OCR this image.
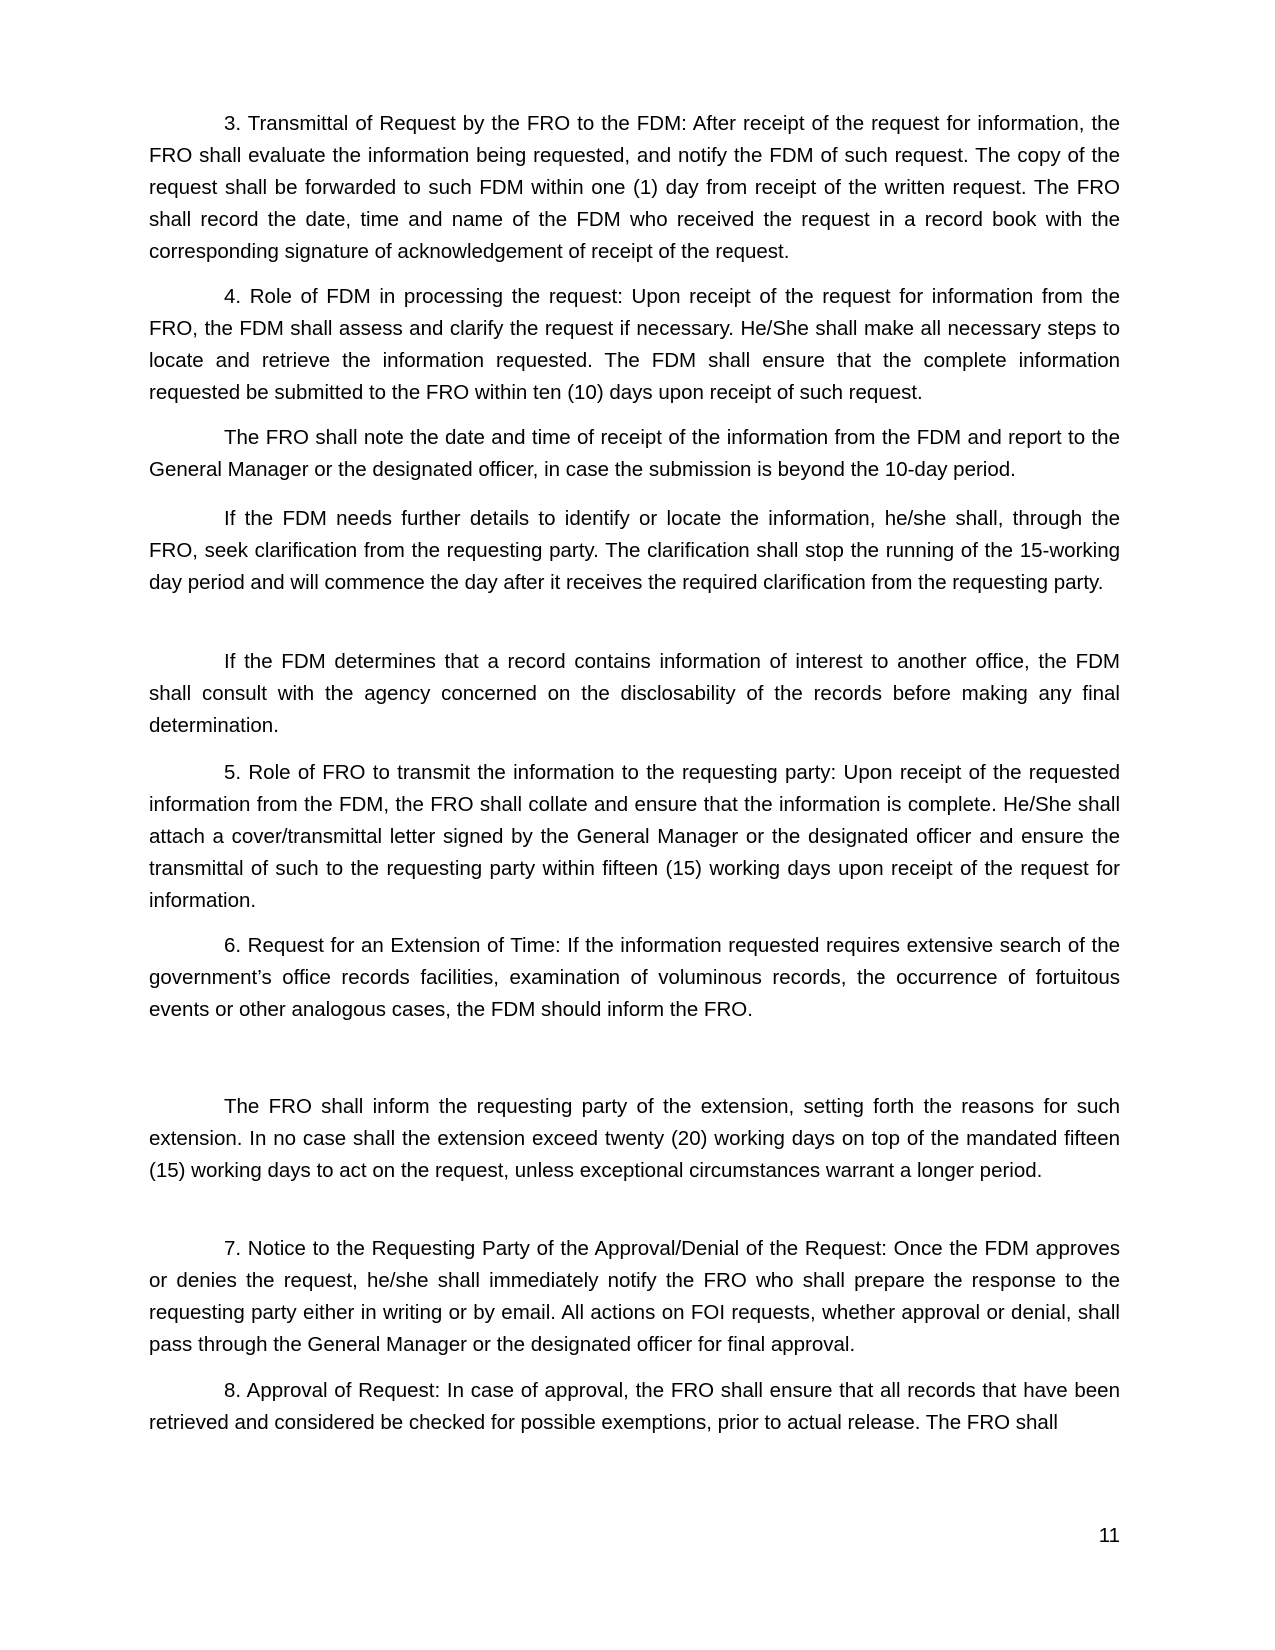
3. Transmittal of Request by the FRO to the FDM: After receipt of the request for information, the FRO shall evaluate the information being requested, and notify the FDM of such request. The copy of the request shall be forwarded to such FDM within one (1) day from receipt of the written request. The FRO shall record the date, time and name of the FDM who received the request in a record book with the corresponding signature of acknowledgement of receipt of the request.

4. Role of FDM in processing the request: Upon receipt of the request for information from the FRO, the FDM shall assess and clarify the request if necessary. He/She shall make all necessary steps to locate and retrieve the information requested. The FDM shall ensure that the complete information requested be submitted to the FRO within ten (10) days upon receipt of such request.

The FRO shall note the date and time of receipt of the information from the FDM and report to the General Manager or the designated officer, in case the submission is beyond the 10-day period.

If the FDM needs further details to identify or locate the information, he/she shall, through the FRO, seek clarification from the requesting party. The clarification shall stop the running of the 15-working day period and will commence the day after it receives the required clarification from the requesting party.

If the FDM determines that a record contains information of interest to another office, the FDM shall consult with the agency concerned on the disclosability of the records before making any final determination.

5. Role of FRO to transmit the information to the requesting party: Upon receipt of the requested information from the FDM, the FRO shall collate and ensure that the information is complete. He/She shall attach a cover/transmittal letter signed by the General Manager or the designated officer and ensure the transmittal of such to the requesting party within fifteen (15) working days upon receipt of the request for information.

6. Request for an Extension of Time: If the information requested requires extensive search of the government’s office records facilities, examination of voluminous records, the occurrence of fortuitous events or other analogous cases, the FDM should inform the FRO.

The FRO shall inform the requesting party of the extension, setting forth the reasons for such extension. In no case shall the extension exceed twenty (20) working days on top of the mandated fifteen (15) working days to act on the request, unless exceptional circumstances warrant a longer period.

7. Notice to the Requesting Party of the Approval/Denial of the Request: Once the FDM approves or denies the request, he/she shall immediately notify the FRO who shall prepare the response to the requesting party either in writing or by email. All actions on FOI requests, whether approval or denial, shall pass through the General Manager or the designated officer for final approval.

8. Approval of Request: In case of approval, the FRO shall ensure that all records that have been retrieved and considered be checked for possible exemptions, prior to actual release. The FRO shall

11
